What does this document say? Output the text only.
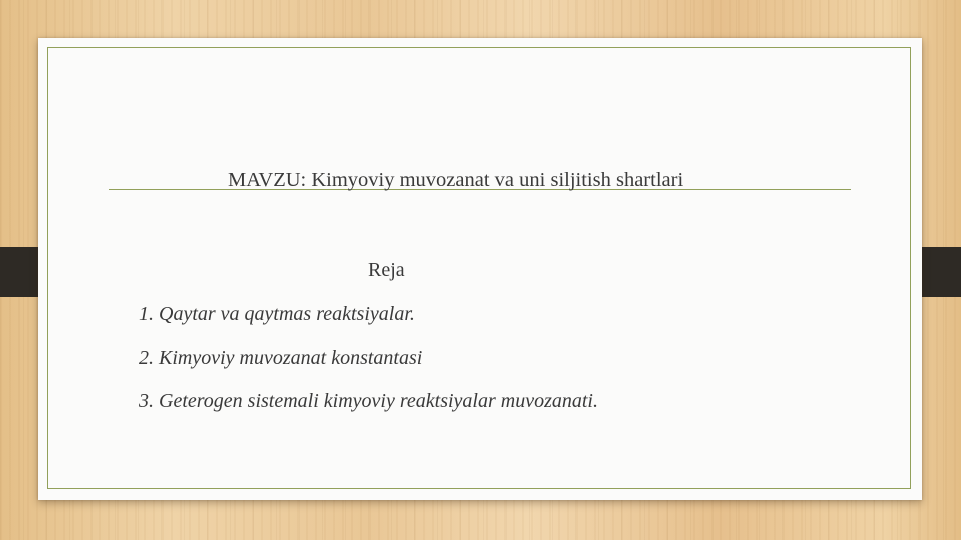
MAVZU: Kimyoviy muvozanat va uni siljitish shartlari
Reja
1. Qaytar va qaytmas reaktsiyalar.
2. Kimyoviy muvozanat konstantasi
3. Geterogen sistemali kimyoviy reaktsiyalar muvozanati.
